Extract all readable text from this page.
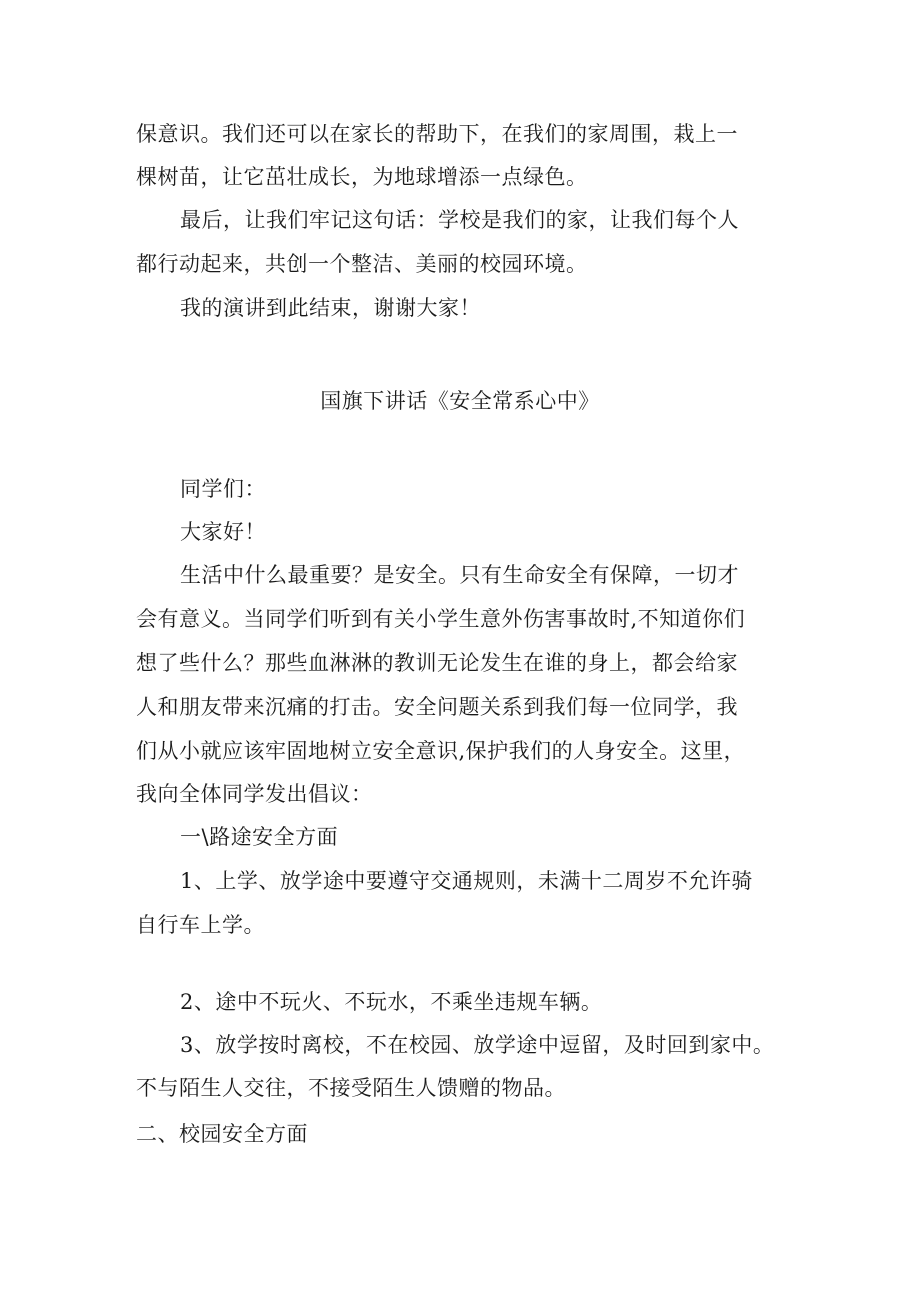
保意识。我们还可以在家长的帮助下，在我们的家周围，栽上一
棵树苗，让它茁壮成长，为地球增添一点绿色。
最后，让我们牢记这句话：学校是我们的家，让我们每个人
都行动起来，共创一个整洁、美丽的校园环境。
我的演讲到此结束，谢谢大家！
国旗下讲话《安全常系心中》
同学们：
大家好！
生活中什么最重要？是安全。只有生命安全有保障，一切才
会有意义。当同学们听到有关小学生意外伤害事故时,不知道你们
想了些什么？那些血淋淋的教训无论发生在谁的身上，都会给家
人和朋友带来沉痛的打击。安全问题关系到我们每一位同学，我
们从小就应该牢固地树立安全意识,保护我们的人身安全。这里，
我向全体同学发出倡议：
一\路途安全方面
1、上学、放学途中要遵守交通规则，未满十二周岁不允许骑
自行车上学。
2、途中不玩火、不玩水，不乘坐违规车辆。
3、放学按时离校，不在校园、放学途中逗留，及时回到家中。
不与陌生人交往，不接受陌生人馈赠的物品。
二、校园安全方面
